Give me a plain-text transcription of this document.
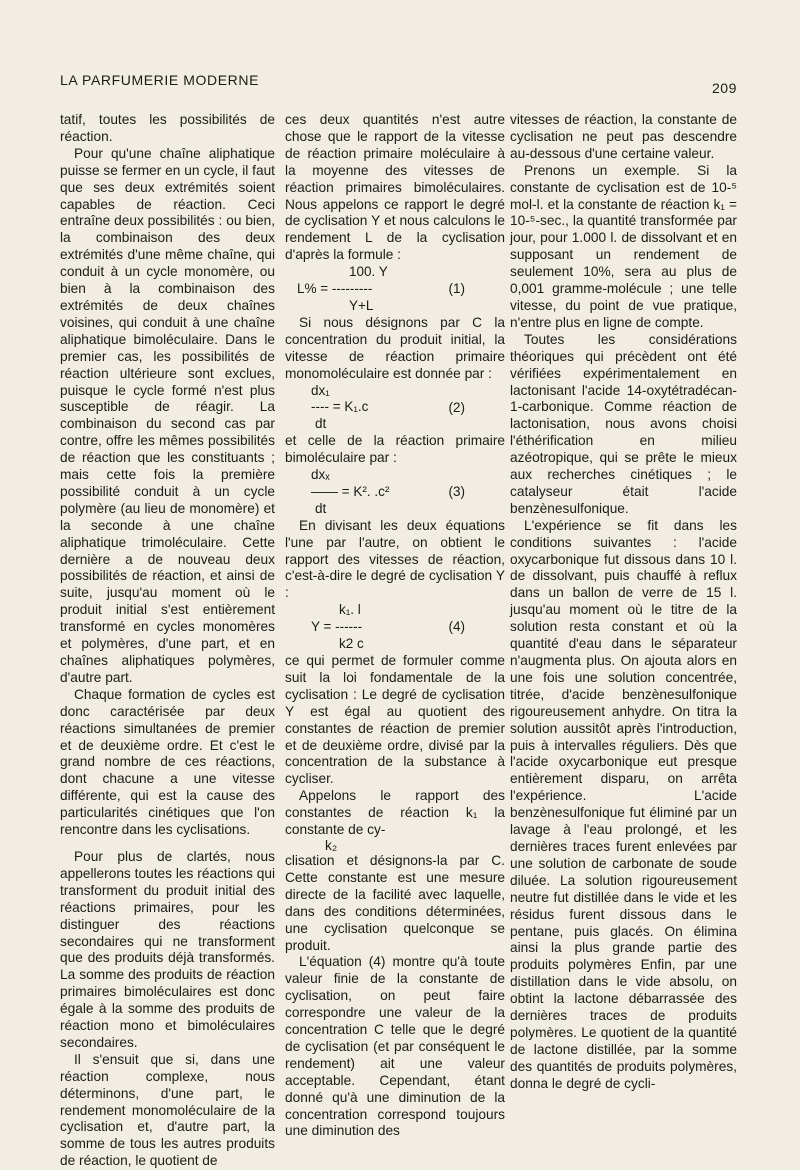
LA PARFUMERIE MODERNE	209

tatif, toutes les possibilités de réaction.

Pour qu'une chaîne aliphatique puisse se fermer en un cycle, il faut que ses deux extrémités soient capables de réaction. Ceci entraîne deux possibilités : ou bien, la combinaison des deux extrémités d'une même chaîne, qui conduit à un cycle monomère, ou bien à la combinaison des extrémités de deux chaînes voisines, qui conduit à une chaîne aliphatique bimoléculaire. Dans le premier cas, les possibilités de réaction ultérieure sont exclues, puisque le cycle formé n'est plus susceptible de réagir. La combinaison du second cas par contre, offre les mêmes possibilités de réaction que les constituants ; mais cette fois la première possibilité conduit à un cycle polymère (au lieu de monomère) et la seconde à une chaîne aliphatique trimoléculaire. Cette dernière a de nouveau deux possibilités de réaction, et ainsi de suite, jusqu'au moment où le produit initial s'est entièrement transformé en cycles monomères et polymères, d'une part, et en chaînes aliphatiques polymères, d'autre part.

Chaque formation de cycles est donc caractérisée par deux réactions simultanées de premier et de deuxième ordre. Et c'est le grand nombre de ces réactions, dont chacune a une vitesse différente, qui est la cause des particularités cinétiques que l'on rencontre dans les cyclisations.

Pour plus de clartés, nous appellerons toutes les réactions qui transforment du produit initial des réactions primaires, pour les distinguer des réactions secondaires qui ne transforment que des produits déjà transformés. La somme des produits de réaction primaires bimoléculaires est donc égale à la somme des produits de réaction mono et bimoléculaires secondaires.

Il s'ensuit que si, dans une réaction complexe, nous déterminons, d'une part, le rendement monomoléculaire de la cyclisation et, d'autre part, la somme de tous les autres produits de réaction, le quotient de

ces deux quantités n'est autre chose que le rapport de la vitesse de réaction primaire moléculaire à la moyenne des vitesses de réaction primaires bimoléculaires. Nous appelons ce rapport le degré de cyclisation Y et nous calculons le rendement L de la cyclisation d'après la formule :

100. Y
L% = ---------	(1)
Y+L

Si nous désignons par C la concentration du produit initial, la vitesse de réaction primaire monomoléculaire est donnée par :

dx₁
---- = K₁.c	(2)
dt

et celle de la réaction primaire bimoléculaire par :

dxₓ
—— = K². .c²	(3)
dt

En divisant les deux équations l'une par l'autre, on obtient le rapport des vitesses de réaction, c'est-à-dire le degré de cyclisation Y :

k₁. l
Y = ------	(4)
k2 c

ce qui permet de formuler comme suit la loi fondamentale de la cyclisation : Le degré de cyclisation Y est égal au quotient des constantes de réaction de premier et de deuxième ordre, divisé par la concentration de la substance à cycliser.

Appelons le rapport des constantes de réaction k₁ la constante de cy-

k₂

clisation et désignons-la par C. Cette constante est une mesure directe de la facilité avec laquelle, dans des conditions déterminées, une cyclisation quelconque se produit.

L'équation (4) montre qu'à toute valeur finie de la constante de cyclisation, on peut faire correspondre une valeur de la concentration C telle que le degré de cyclisation (et par conséquent le rendement) ait une valeur acceptable. Cependant, étant donné qu'à une diminution de la concentration correspond toujours une diminution des

vitesses de réaction, la constante de cyclisation ne peut pas descendre au-dessous d'une certaine valeur.

Prenons un exemple. Si la constante de cyclisation est de 10-⁵ mol-l. et la constante de réaction k₁ = 10-⁵-sec., la quantité transformée par jour, pour 1.000 l. de dissolvant et en supposant un rendement de seulement 10%, sera au plus de 0,001 gramme-molécule ; une telle vitesse, du point de vue pratique, n'entre plus en ligne de compte.

Toutes les considérations théoriques qui précèdent ont été vérifiées expérimentalement en lactonisant l'acide 14-oxytétradécan-1-carbonique. Comme réaction de lactonisation, nous avons choisi l'éthérification en milieu azéotropique, qui se prête le mieux aux recherches cinétiques ; le catalyseur était l'acide benzènesulfonique.

L'expérience se fit dans les conditions suivantes : l'acide oxycarbonique fut dissous dans 10 l. de dissolvant, puis chauffé à reflux dans un ballon de verre de 15 l. jusqu'au moment où le titre de la solution resta constant et où la quantité d'eau dans le séparateur n'augmenta plus. On ajouta alors en une fois une solution concentrée, titrée, d'acide benzènesulfonique rigoureusement anhydre. On titra la solution aussitôt après l'introduction, puis à intervalles réguliers. Dès que l'acide oxycarbonique eut presque entièrement disparu, on arrêta l'expérience. L'acide benzènesulfonique fut éliminé par un lavage à l'eau prolongé, et les dernières traces furent enlevées par une solution de carbonate de soude diluée. La solution rigoureusement neutre fut distillée dans le vide et les résidus furent dissous dans le pentane, puis glacés. On élimina ainsi la plus grande partie des produits polymères Enfin, par une distillation dans le vide absolu, on obtint la lactone débarrassée des dernières traces de produits polymères. Le quotient de la quantité de lactone distillée, par la somme des quantités de produits polymères, donna le degré de cycli-
